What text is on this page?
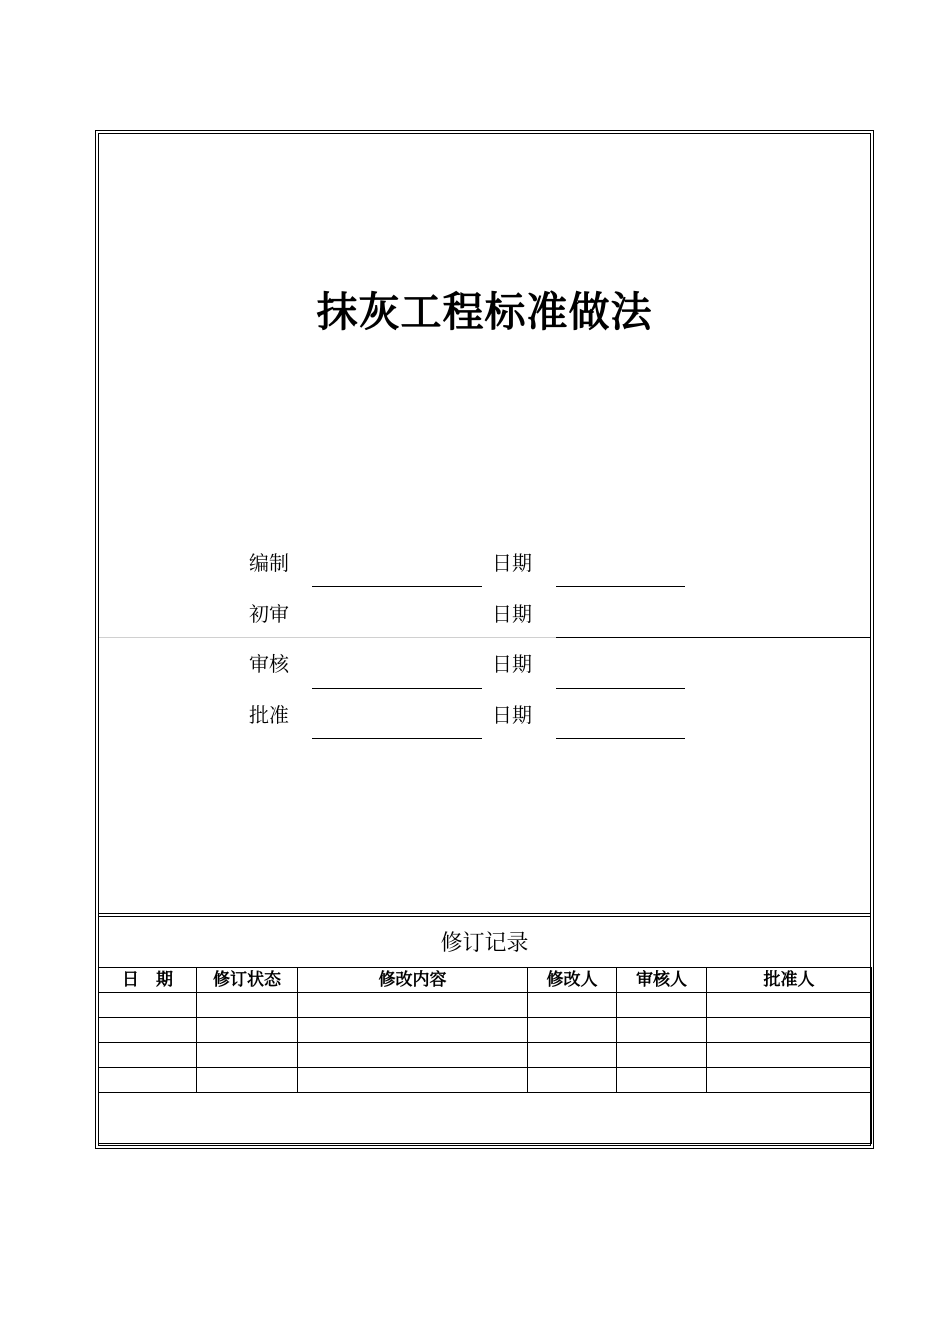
抹灰工程标准做法
编制	日期
初审	日期
审核	日期
批准	日期
修订记录
日　期	修订状态	修改内容	修改人	审核人	批准人
